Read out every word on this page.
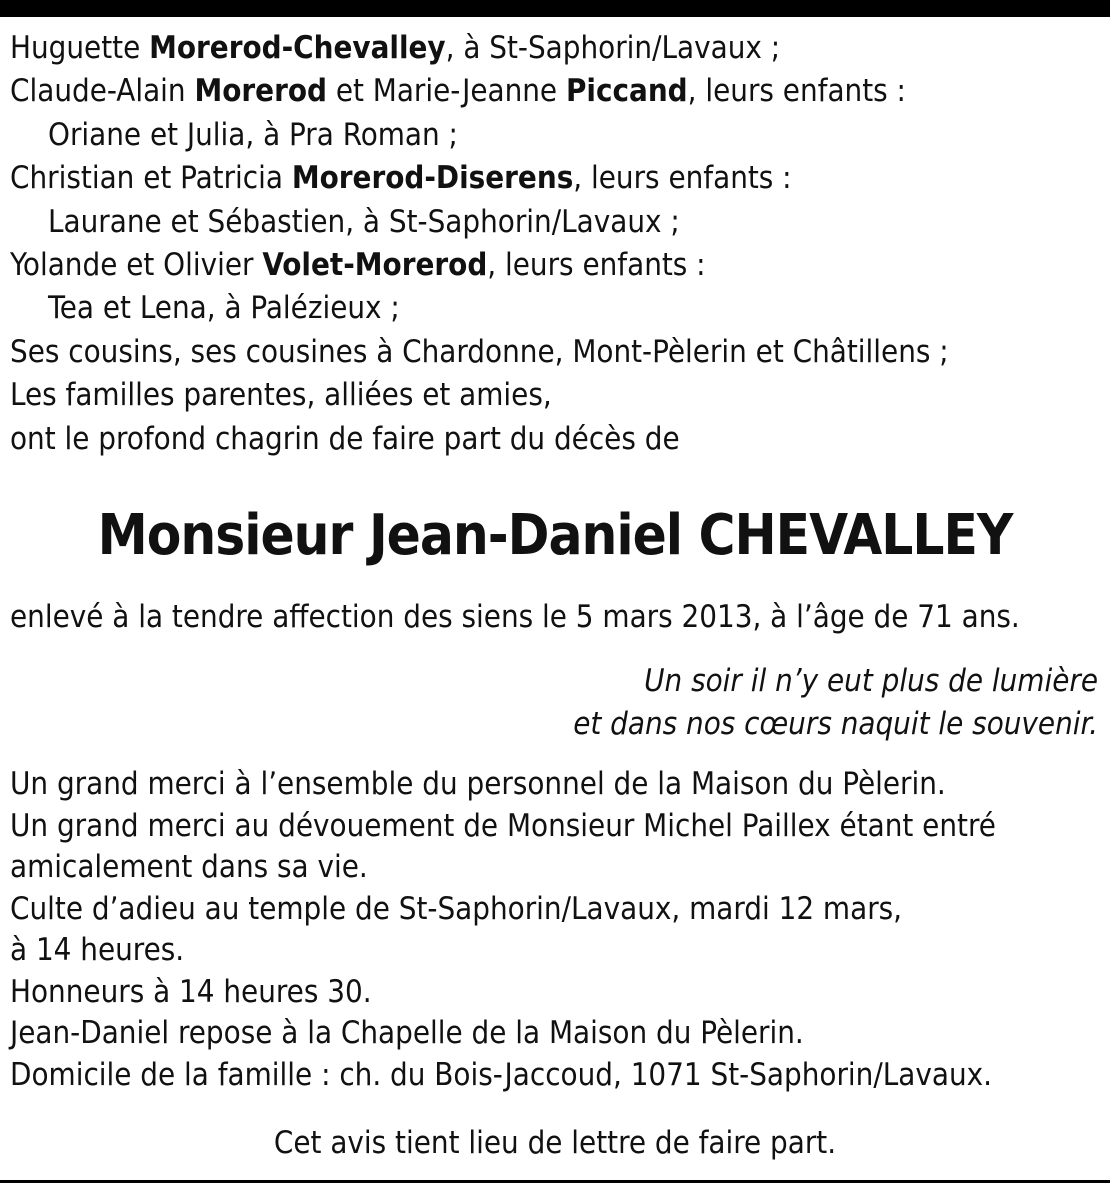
Huguette Morerod-Chevalley, à St-Saphorin/Lavaux ;
Claude-Alain Morerod et Marie-Jeanne Piccand, leurs enfants :
Oriane et Julia, à Pra Roman ;
Christian et Patricia Morerod-Diserens, leurs enfants :
Laurane et Sébastien, à St-Saphorin/Lavaux ;
Yolande et Olivier Volet-Morerod, leurs enfants :
Tea et Lena, à Palézieux ;
Ses cousins, ses cousines à Chardonne, Mont-Pèlerin et Châtillens ;
Les familles parentes, alliées et amies,
ont le profond chagrin de faire part du décès de
Monsieur Jean-Daniel CHEVALLEY
enlevé à la tendre affection des siens le 5 mars 2013, à l’âge de 71 ans.
Un soir il n’y eut plus de lumière
et dans nos cœurs naquit le souvenir.
Un grand merci à l’ensemble du personnel de la Maison du Pèlerin.
Un grand merci au dévouement de Monsieur Michel Paillex étant entré
amicalement dans sa vie.
Culte d’adieu au temple de St-Saphorin/Lavaux, mardi 12 mars,
à 14 heures.
Honneurs à 14 heures 30.
Jean-Daniel repose à la Chapelle de la Maison du Pèlerin.
Domicile de la famille : ch. du Bois-Jaccoud, 1071 St-Saphorin/Lavaux.
Cet avis tient lieu de lettre de faire part.
